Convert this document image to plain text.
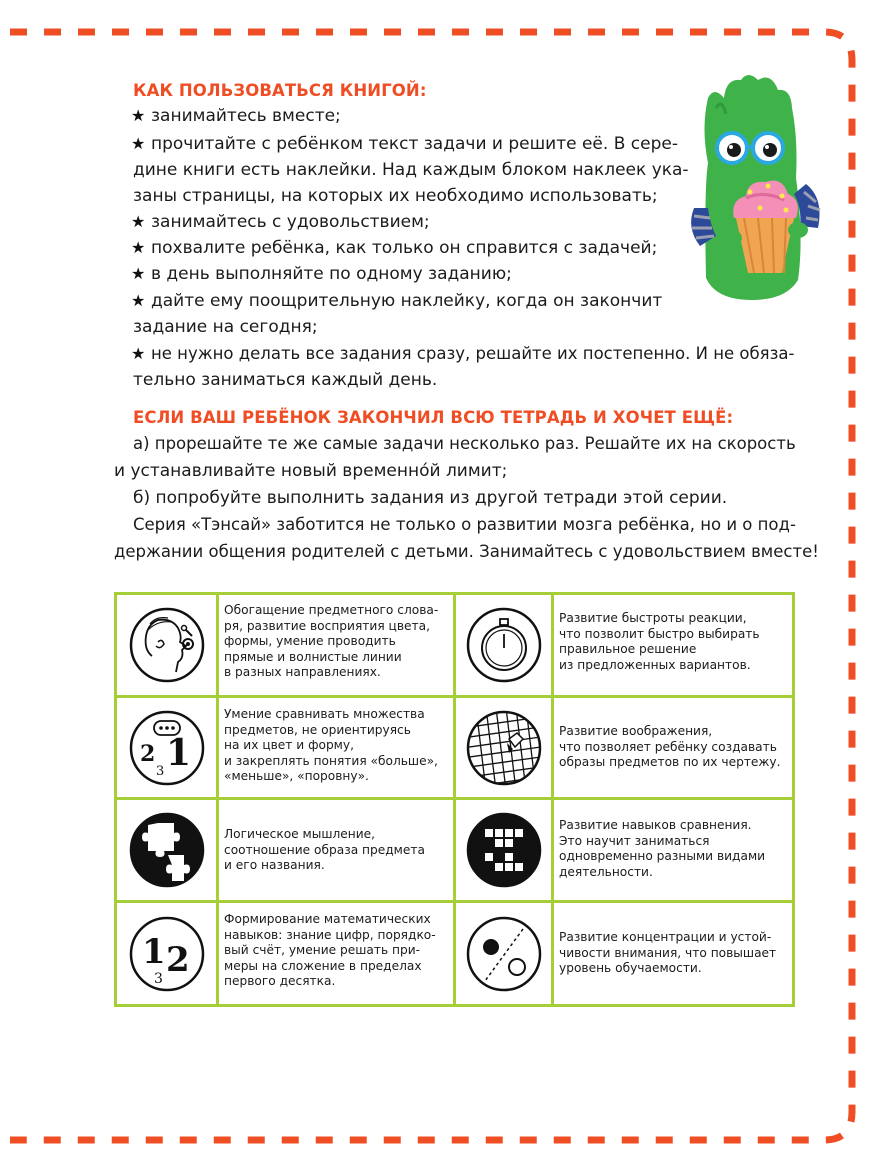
КАК ПОЛЬЗОВАТЬСЯ КНИГОЙ:
★ занимайтесь вместе;
★ прочитайте с ребёнком текст задачи и решите её. В сере-
дине книги есть наклейки. Над каждым блоком наклеек ука-
заны страницы, на которых их необходимо использовать;
★ занимайтесь с удовольствием;
★ похвалите ребёнка, как только он справится с задачей;
★ в день выполняйте по одному заданию;
★ дайте ему поощрительную наклейку, когда он закончит
задание на сегодня;
★ не нужно делать все задания сразу, решайте их постепенно. И не обяза-
тельно заниматься каждый день.
ЕСЛИ ВАШ РЕБЁНОК ЗАКОНЧИЛ ВСЮ ТЕТРАДЬ И ХОЧЕТ ЕЩЁ:
а) прорешайте те же самые задачи несколько раз. Решайте их на скорость
и устанавливайте новый временно́й лимит;
б) попробуйте выполнить задания из другой тетради этой серии.
Серия «Тэнсай» заботится не только о развитии мозга ребёнка, но и о под-
держании общения родителей с детьми. Занимайтесь с удовольствием вместе!
Обогащение предметного слова-
ря, развитие восприятия цвета,
формы, умение проводить
прямые и волнистые линии
в разных направлениях.
Развитие быстроты реакции,
что позволит быстро выбирать
правильное решение
из предложенных вариантов.
2 1
3
Умение сравнивать множества
предметов, не ориентируясь
на их цвет и форму,
и закреплять понятия «больше»,
«меньше», «поровну».
Развитие воображения,
что позволяет ребёнку создавать
образы предметов по их чертежу.
Логическое мышление,
соотношение образа предмета
и его названия.
Развитие навыков сравнения.
Это научит заниматься
одновременно разными видами
деятельности.
1 2
3
Формирование математических
навыков: знание цифр, порядко-
вый счёт, умение решать при-
меры на сложение в пределах
первого десятка.
Развитие концентрации и устой-
чивости внимания, что повышает
уровень обучаемости.
